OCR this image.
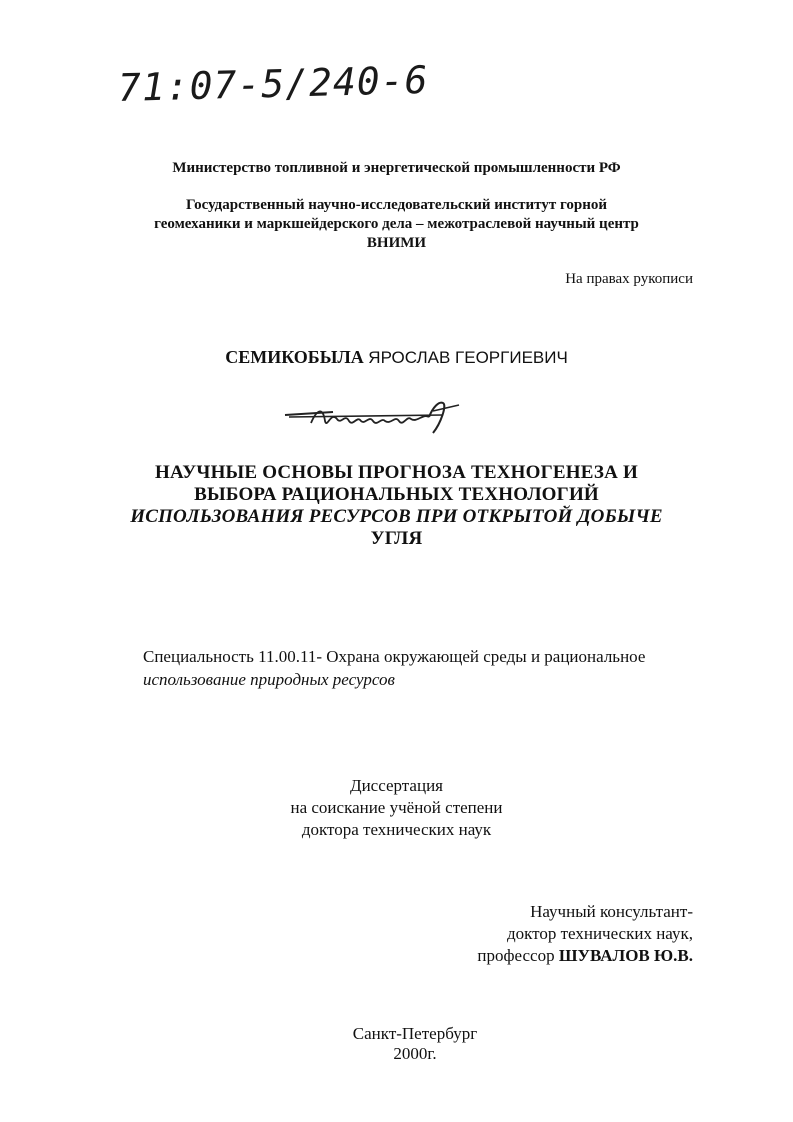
71:07-5/240-6
Министерство топливной и энергетической промышленности РФ
Государственный научно-исследовательский институт горной
геомеханики и маркшейдерского дела – межотраслевой научный центр
ВНИМИ
На правах рукописи
СЕМИКОБЫЛА ЯРОСЛАВ ГЕОРГИЕВИЧ
НАУЧНЫЕ ОСНОВЫ ПРОГНОЗА ТЕХНОГЕНЕЗА И
ВЫБОРА РАЦИОНАЛЬНЫХ ТЕХНОЛОГИЙ
ИСПОЛЬЗОВАНИЯ РЕСУРСОВ ПРИ ОТКРЫТОЙ ДОБЫЧЕ
УГЛЯ
Специальность 11.00.11- Охрана окружающей среды и рациональное
использование природных ресурсов
Диссертация
на соискание учёной степени
доктора технических наук
Научный консультант-
доктор технических наук,
профессор ШУВАЛОВ Ю.В.
Санкт-Петербург
2000г.
